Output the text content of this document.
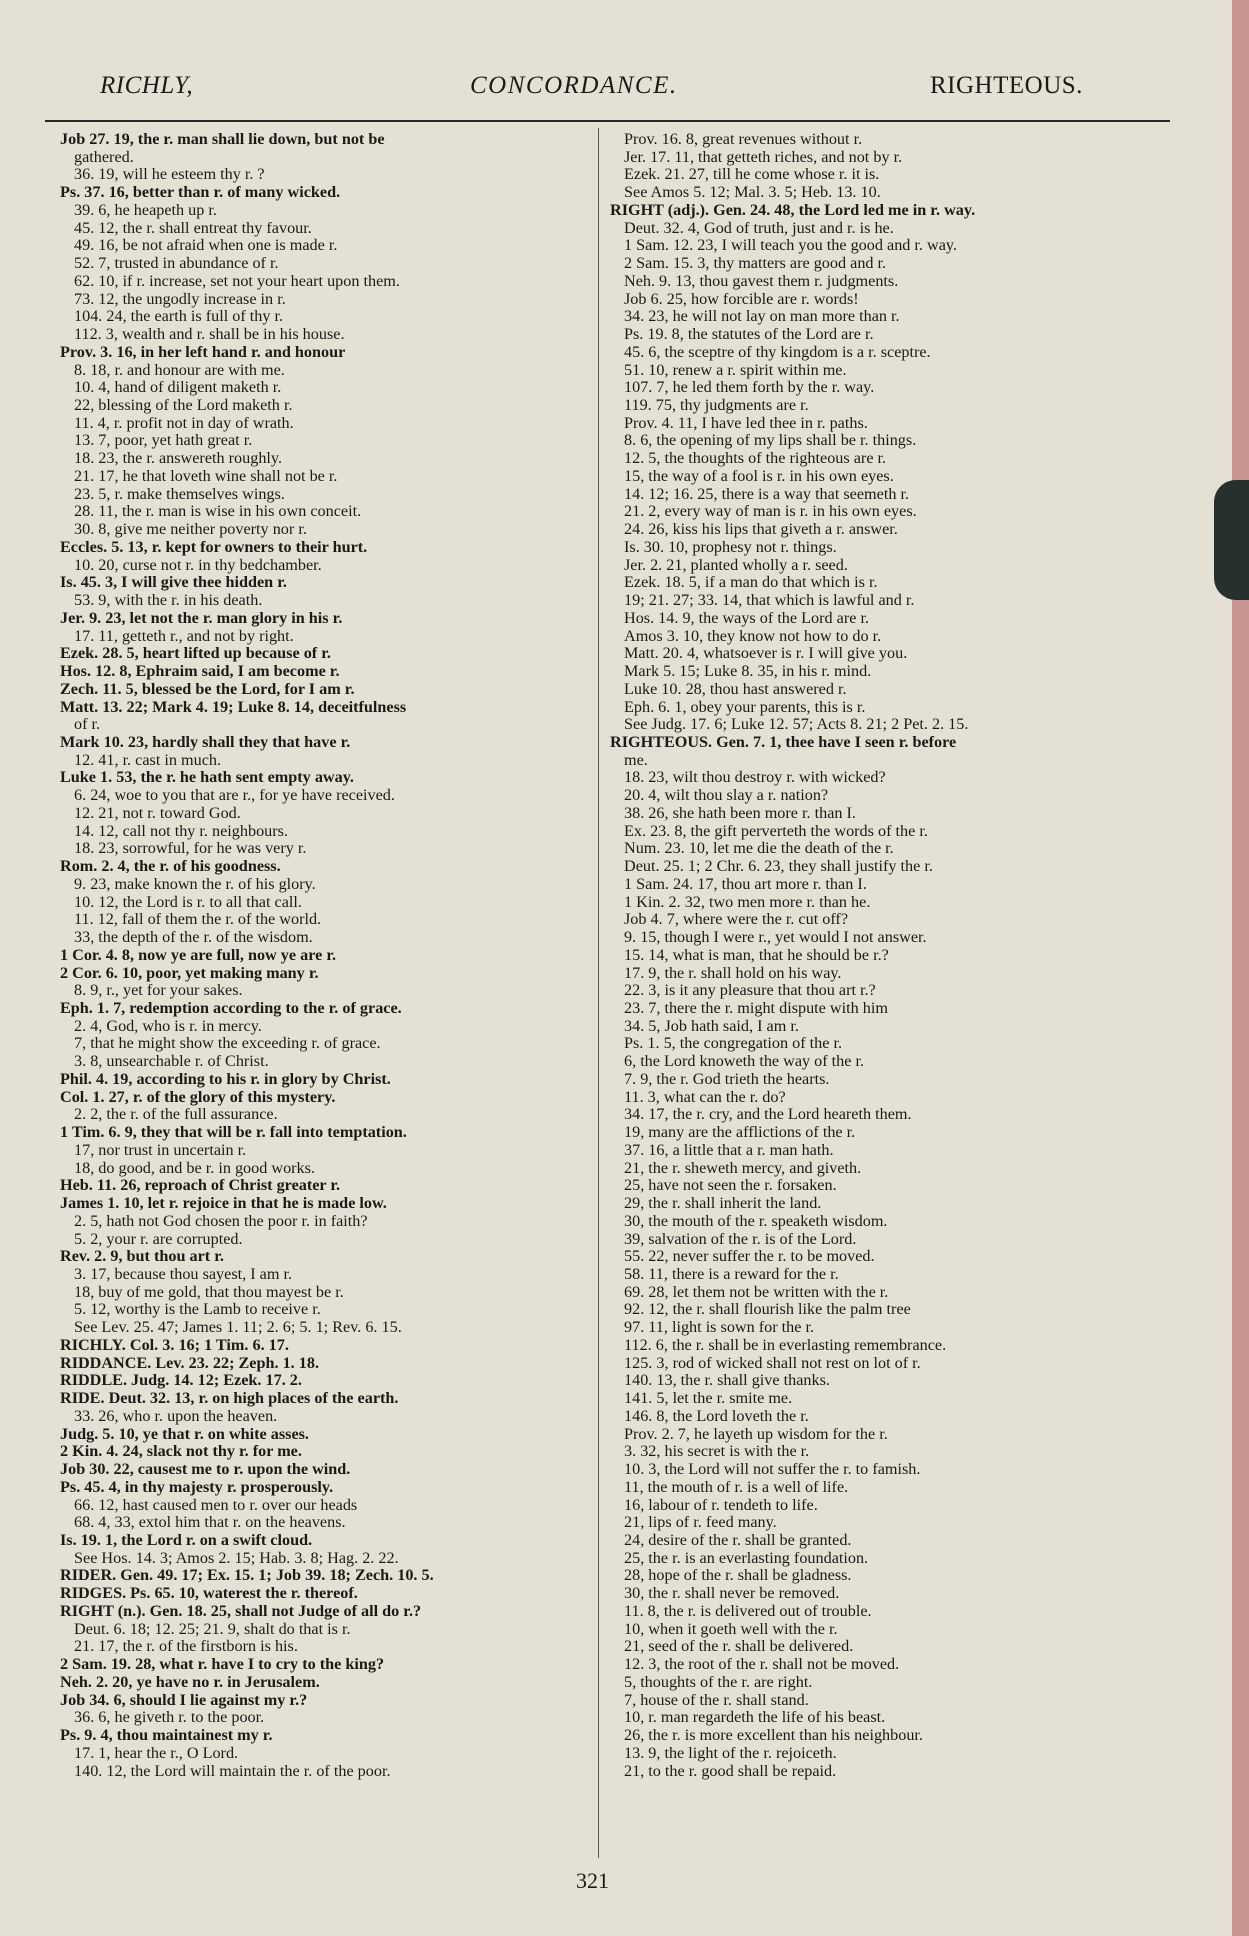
RICHLY,	CONCORDANCE.	RIGHTEOUS.
Job 27. 19, the r. man shall lie down, but not be
gathered.
36. 19, will he esteem thy r. ?
Ps. 37. 16, better than r. of many wicked.
39. 6, he heapeth up r.
45. 12, the r. shall entreat thy favour.
49. 16, be not afraid when one is made r.
52. 7, trusted in abundance of r.
62. 10, if r. increase, set not your heart upon them.
73. 12, the ungodly increase in r.
104. 24, the earth is full of thy r.
112. 3, wealth and r. shall be in his house.
Prov. 3. 16, in her left hand r. and honour
8. 18, r. and honour are with me.
10. 4, hand of diligent maketh r.
22, blessing of the Lord maketh r.
11. 4, r. profit not in day of wrath.
13. 7, poor, yet hath great r.
18. 23, the r. answereth roughly.
21. 17, he that loveth wine shall not be r.
23. 5, r. make themselves wings.
28. 11, the r. man is wise in his own conceit.
30. 8, give me neither poverty nor r.
Eccles. 5. 13, r. kept for owners to their hurt.
10. 20, curse not r. in thy bedchamber.
Is. 45. 3, I will give thee hidden r.
53. 9, with the r. in his death.
Jer. 9. 23, let not the r. man glory in his r.
17. 11, getteth r., and not by right.
Ezek. 28. 5, heart lifted up because of r.
Hos. 12. 8, Ephraim said, I am become r.
Zech. 11. 5, blessed be the Lord, for I am r.
Matt. 13. 22; Mark 4. 19; Luke 8. 14, deceitfulness
of r.
Mark 10. 23, hardly shall they that have r.
12. 41, r. cast in much.
Luke 1. 53, the r. he hath sent empty away.
6. 24, woe to you that are r., for ye have received.
12. 21, not r. toward God.
14. 12, call not thy r. neighbours.
18. 23, sorrowful, for he was very r.
Rom. 2. 4, the r. of his goodness.
9. 23, make known the r. of his glory.
10. 12, the Lord is r. to all that call.
11. 12, fall of them the r. of the world.
33, the depth of the r. of the wisdom.
1 Cor. 4. 8, now ye are full, now ye are r.
2 Cor. 6. 10, poor, yet making many r.
8. 9, r., yet for your sakes.
Eph. 1. 7, redemption according to the r. of grace.
2. 4, God, who is r. in mercy.
7, that he might show the exceeding r. of grace.
3. 8, unsearchable r. of Christ.
Phil. 4. 19, according to his r. in glory by Christ.
Col. 1. 27, r. of the glory of this mystery.
2. 2, the r. of the full assurance.
1 Tim. 6. 9, they that will be r. fall into temptation.
17, nor trust in uncertain r.
18, do good, and be r. in good works.
Heb. 11. 26, reproach of Christ greater r.
James 1. 10, let r. rejoice in that he is made low.
2. 5, hath not God chosen the poor r. in faith?
5. 2, your r. are corrupted.
Rev. 2. 9, but thou art r.
3. 17, because thou sayest, I am r.
18, buy of me gold, that thou mayest be r.
5. 12, worthy is the Lamb to receive r.
See Lev. 25. 47; James 1. 11; 2. 6; 5. 1; Rev. 6. 15.
RICHLY. Col. 3. 16; 1 Tim. 6. 17.
RIDDANCE. Lev. 23. 22; Zeph. 1. 18.
RIDDLE. Judg. 14. 12; Ezek. 17. 2.
RIDE. Deut. 32. 13, r. on high places of the earth.
33. 26, who r. upon the heaven.
Judg. 5. 10, ye that r. on white asses.
2 Kin. 4. 24, slack not thy r. for me.
Job 30. 22, causest me to r. upon the wind.
Ps. 45. 4, in thy majesty r. prosperously.
66. 12, hast caused men to r. over our heads
68. 4, 33, extol him that r. on the heavens.
Is. 19. 1, the Lord r. on a swift cloud.
See Hos. 14. 3; Amos 2. 15; Hab. 3. 8; Hag. 2. 22.
RIDER. Gen. 49. 17; Ex. 15. 1; Job 39. 18; Zech. 10. 5.
RIDGES. Ps. 65. 10, waterest the r. thereof.
RIGHT (n.). Gen. 18. 25, shall not Judge of all do r.?
Deut. 6. 18; 12. 25; 21. 9, shalt do that is r.
21. 17, the r. of the firstborn is his.
2 Sam. 19. 28, what r. have I to cry to the king?
Neh. 2. 20, ye have no r. in Jerusalem.
Job 34. 6, should I lie against my r.?
36. 6, he giveth r. to the poor.
Ps. 9. 4, thou maintainest my r.
17. 1, hear the r., O Lord.
140. 12, the Lord will maintain the r. of the poor.
Prov. 16. 8, great revenues without r.
Jer. 17. 11, that getteth riches, and not by r.
Ezek. 21. 27, till he come whose r. it is.
See Amos 5. 12; Mal. 3. 5; Heb. 13. 10.
RIGHT (adj.). Gen. 24. 48, the Lord led me in r. way.
Deut. 32. 4, God of truth, just and r. is he.
1 Sam. 12. 23, I will teach you the good and r. way.
2 Sam. 15. 3, thy matters are good and r.
Neh. 9. 13, thou gavest them r. judgments.
Job 6. 25, how forcible are r. words!
34. 23, he will not lay on man more than r.
Ps. 19. 8, the statutes of the Lord are r.
45. 6, the sceptre of thy kingdom is a r. sceptre.
51. 10, renew a r. spirit within me.
107. 7, he led them forth by the r. way.
119. 75, thy judgments are r.
Prov. 4. 11, I have led thee in r. paths.
8. 6, the opening of my lips shall be r. things.
12. 5, the thoughts of the righteous are r.
15, the way of a fool is r. in his own eyes.
14. 12; 16. 25, there is a way that seemeth r.
21. 2, every way of man is r. in his own eyes.
24. 26, kiss his lips that giveth a r. answer.
Is. 30. 10, prophesy not r. things.
Jer. 2. 21, planted wholly a r. seed.
Ezek. 18. 5, if a man do that which is r.
19; 21. 27; 33. 14, that which is lawful and r.
Hos. 14. 9, the ways of the Lord are r.
Amos 3. 10, they know not how to do r.
Matt. 20. 4, whatsoever is r. I will give you.
Mark 5. 15; Luke 8. 35, in his r. mind.
Luke 10. 28, thou hast answered r.
Eph. 6. 1, obey your parents, this is r.
See Judg. 17. 6; Luke 12. 57; Acts 8. 21; 2 Pet. 2. 15.
RIGHTEOUS. Gen. 7. 1, thee have I seen r. before
me.
18. 23, wilt thou destroy r. with wicked?
20. 4, wilt thou slay a r. nation?
38. 26, she hath been more r. than I.
Ex. 23. 8, the gift perverteth the words of the r.
Num. 23. 10, let me die the death of the r.
Deut. 25. 1; 2 Chr. 6. 23, they shall justify the r.
1 Sam. 24. 17, thou art more r. than I.
1 Kin. 2. 32, two men more r. than he.
Job 4. 7, where were the r. cut off?
9. 15, though I were r., yet would I not answer.
15. 14, what is man, that he should be r.?
17. 9, the r. shall hold on his way.
22. 3, is it any pleasure that thou art r.?
23. 7, there the r. might dispute with him
34. 5, Job hath said, I am r.
Ps. 1. 5, the congregation of the r.
6, the Lord knoweth the way of the r.
7. 9, the r. God trieth the hearts.
11. 3, what can the r. do?
34. 17, the r. cry, and the Lord heareth them.
19, many are the afflictions of the r.
37. 16, a little that a r. man hath.
21, the r. sheweth mercy, and giveth.
25, have not seen the r. forsaken.
29, the r. shall inherit the land.
30, the mouth of the r. speaketh wisdom.
39, salvation of the r. is of the Lord.
55. 22, never suffer the r. to be moved.
58. 11, there is a reward for the r.
69. 28, let them not be written with the r.
92. 12, the r. shall flourish like the palm tree
97. 11, light is sown for the r.
112. 6, the r. shall be in everlasting remembrance.
125. 3, rod of wicked shall not rest on lot of r.
140. 13, the r. shall give thanks.
141. 5, let the r. smite me.
146. 8, the Lord loveth the r.
Prov. 2. 7, he layeth up wisdom for the r.
3. 32, his secret is with the r.
10. 3, the Lord will not suffer the r. to famish.
11, the mouth of r. is a well of life.
16, labour of r. tendeth to life.
21, lips of r. feed many.
24, desire of the r. shall be granted.
25, the r. is an everlasting foundation.
28, hope of the r. shall be gladness.
30, the r. shall never be removed.
11. 8, the r. is delivered out of trouble.
10, when it goeth well with the r.
21, seed of the r. shall be delivered.
12. 3, the root of the r. shall not be moved.
5, thoughts of the r. are right.
7, house of the r. shall stand.
10, r. man regardeth the life of his beast.
26, the r. is more excellent than his neighbour.
13. 9, the light of the r. rejoiceth.
21, to the r. good shall be repaid.
321
